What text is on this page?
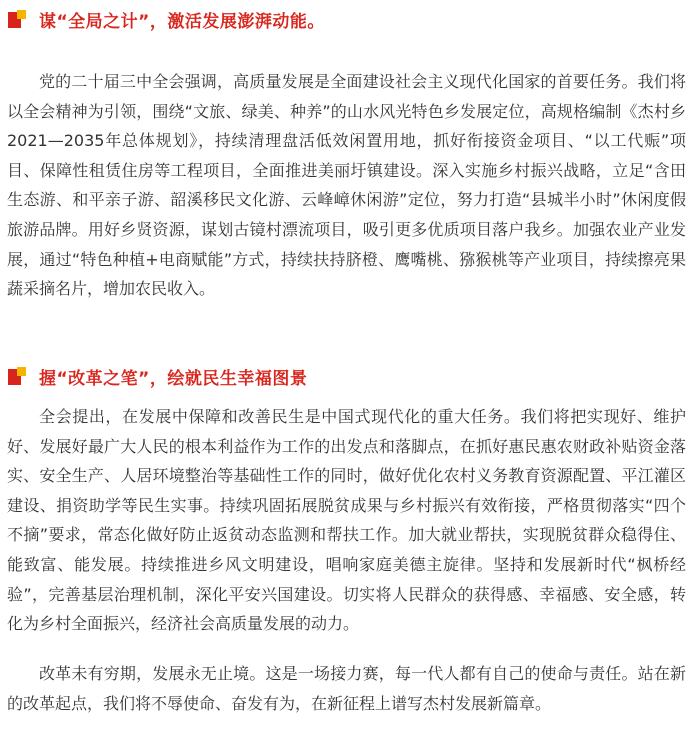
谋“全局之计”，激活发展澎湃动能。

党的二十届三中全会强调，高质量发展是全面建设社会主义现代化国家的首要任务。我们将以全会精神为引领，围绕“文旅、绿美、种养”的山水风光特色乡发展定位，高规格编制《杰村乡2021—2035年总体规划》，持续清理盘活低效闲置用地，抓好衔接资金项目、“以工代赈”项目、保障性租赁住房等工程项目，全面推进美丽圩镇建设。深入实施乡村振兴战略，立足“含田生态游、和平亲子游、韶溪移民文化游、云峰嶂休闲游”定位，努力打造“县城半小时”休闲度假旅游品牌。用好乡贤资源，谋划古镜村漂流项目，吸引更多优质项目落户我乡。加强农业产业发展，通过“特色种植+电商赋能”方式，持续扶持脐橙、鹰嘴桃、猕猴桃等产业项目，持续擦亮果蔬采摘名片，增加农民收入。

握“改革之笔”，绘就民生幸福图景

全会提出，在发展中保障和改善民生是中国式现代化的重大任务。我们将把实现好、维护好、发展好最广大人民的根本利益作为工作的出发点和落脚点，在抓好惠民惠农财政补贴资金落实、安全生产、人居环境整治等基础性工作的同时，做好优化农村义务教育资源配置、平江灌区建设、捐资助学等民生实事。持续巩固拓展脱贫成果与乡村振兴有效衔接，严格贯彻落实“四个不摘”要求，常态化做好防止返贫动态监测和帮扶工作。加大就业帮扶，实现脱贫群众稳得住、能致富、能发展。持续推进乡风文明建设，唱响家庭美德主旋律。坚持和发展新时代“枫桥经验”，完善基层治理机制，深化平安兴国建设。切实将人民群众的获得感、幸福感、安全感，转化为乡村全面振兴，经济社会高质量发展的动力。

改革未有穷期，发展永无止境。这是一场接力赛，每一代人都有自己的使命与责任。站在新的改革起点，我们将不辱使命、奋发有为，在新征程上谱写杰村发展新篇章。
